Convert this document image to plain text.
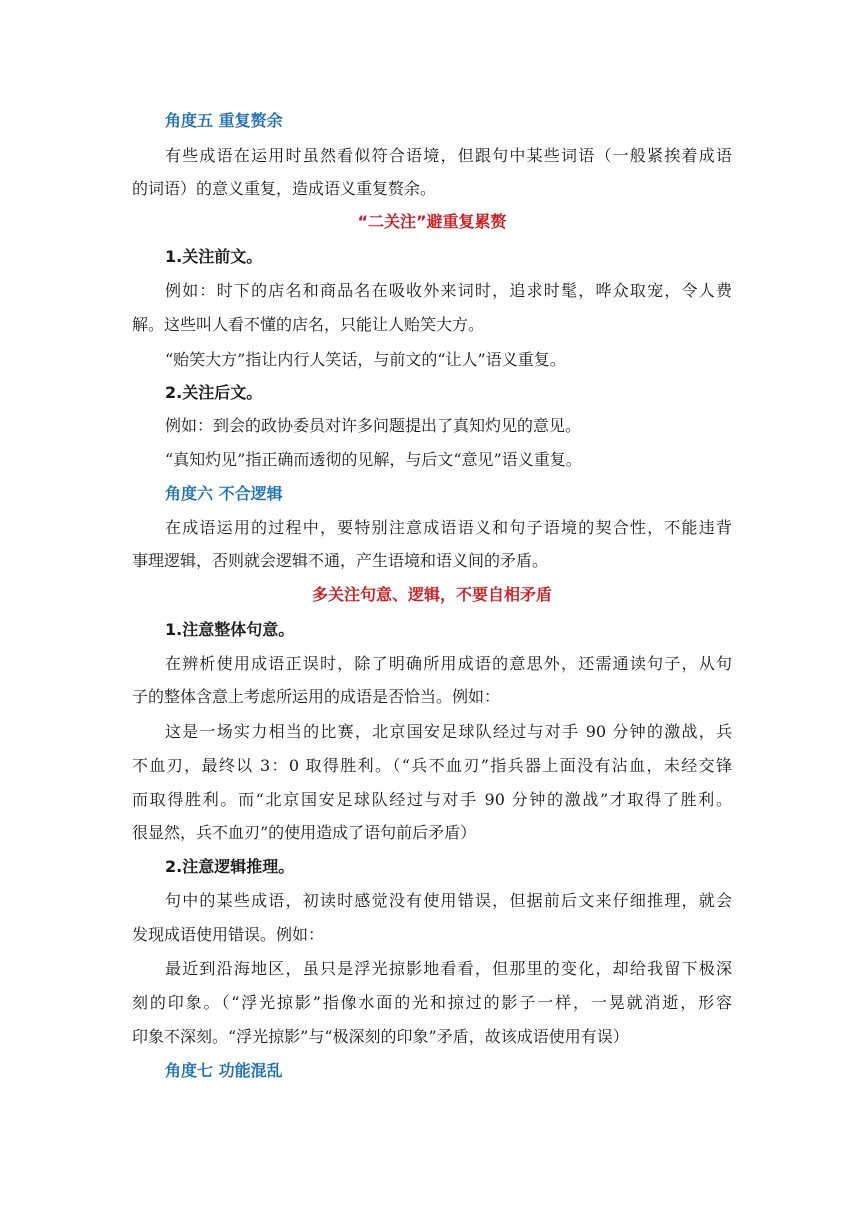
角度五 重复赘余
有些成语在运用时虽然看似符合语境，但跟句中某些词语（一般紧挨着成语
的词语）的意义重复，造成语义重复赘余。
“二关注”避重复累赘
1.关注前文。
例如：时下的店名和商品名在吸收外来词时，追求时髦，哗众取宠，令人费
解。这些叫人看不懂的店名，只能让人贻笑大方。
“贻笑大方”指让内行人笑话，与前文的“让人”语义重复。
2.关注后文。
例如：到会的政协委员对许多问题提出了真知灼见的意见。
“真知灼见”指正确而透彻的见解，与后文“意见”语义重复。
角度六 不合逻辑
在成语运用的过程中，要特别注意成语语义和句子语境的契合性，不能违背
事理逻辑，否则就会逻辑不通，产生语境和语义间的矛盾。
多关注句意、逻辑，不要自相矛盾
1.注意整体句意。
在辨析使用成语正误时，除了明确所用成语的意思外，还需通读句子，从句
子的整体含意上考虑所运用的成语是否恰当。例如：
这是一场实力相当的比赛，北京国安足球队经过与对手 90 分钟的激战，兵
不血刃，最终以 3：0 取得胜利。（“兵不血刃”指兵器上面没有沾血，未经交锋
而取得胜利。而“北京国安足球队经过与对手 90 分钟的激战”才取得了胜利。
很显然，兵不血刃”的使用造成了语句前后矛盾）
2.注意逻辑推理。
句中的某些成语，初读时感觉没有使用错误，但据前后文来仔细推理，就会
发现成语使用错误。例如：
最近到沿海地区，虽只是浮光掠影地看看，但那里的变化，却给我留下极深
刻的印象。（“浮光掠影”指像水面的光和掠过的影子一样，一晃就消逝，形容
印象不深刻。“浮光掠影”与“极深刻的印象”矛盾，故该成语使用有误）
角度七 功能混乱
